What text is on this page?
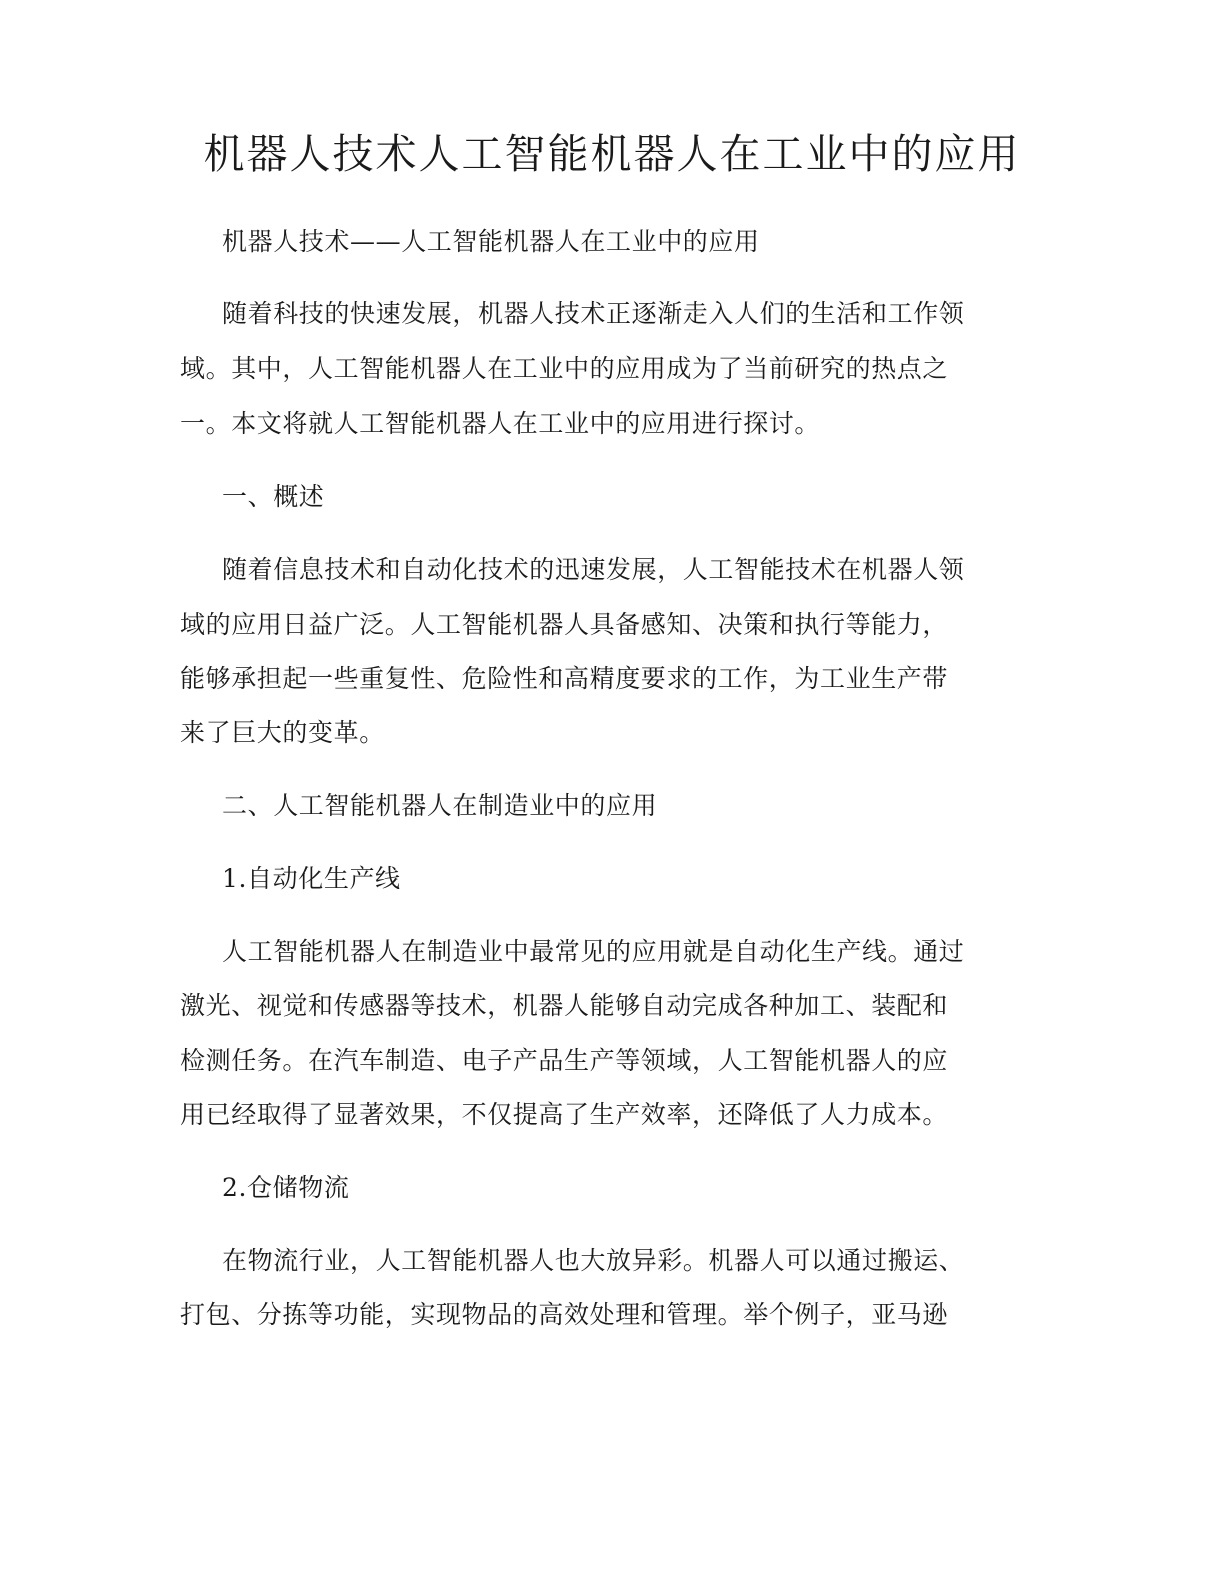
机器人技术人工智能机器人在工业中的应用
机器人技术——人工智能机器人在工业中的应用
随着科技的快速发展，机器人技术正逐渐走入人们的生活和工作领
域。其中，人工智能机器人在工业中的应用成为了当前研究的热点之
一。本文将就人工智能机器人在工业中的应用进行探讨。
一、概述
随着信息技术和自动化技术的迅速发展，人工智能技术在机器人领
域的应用日益广泛。人工智能机器人具备感知、决策和执行等能力，
能够承担起一些重复性、危险性和高精度要求的工作，为工业生产带
来了巨大的变革。
二、人工智能机器人在制造业中的应用
1.自动化生产线
人工智能机器人在制造业中最常见的应用就是自动化生产线。通过
激光、视觉和传感器等技术，机器人能够自动完成各种加工、装配和
检测任务。在汽车制造、电子产品生产等领域，人工智能机器人的应
用已经取得了显著效果，不仅提高了生产效率，还降低了人力成本。
2.仓储物流
在物流行业，人工智能机器人也大放异彩。机器人可以通过搬运、
打包、分拣等功能，实现物品的高效处理和管理。举个例子，亚马逊
